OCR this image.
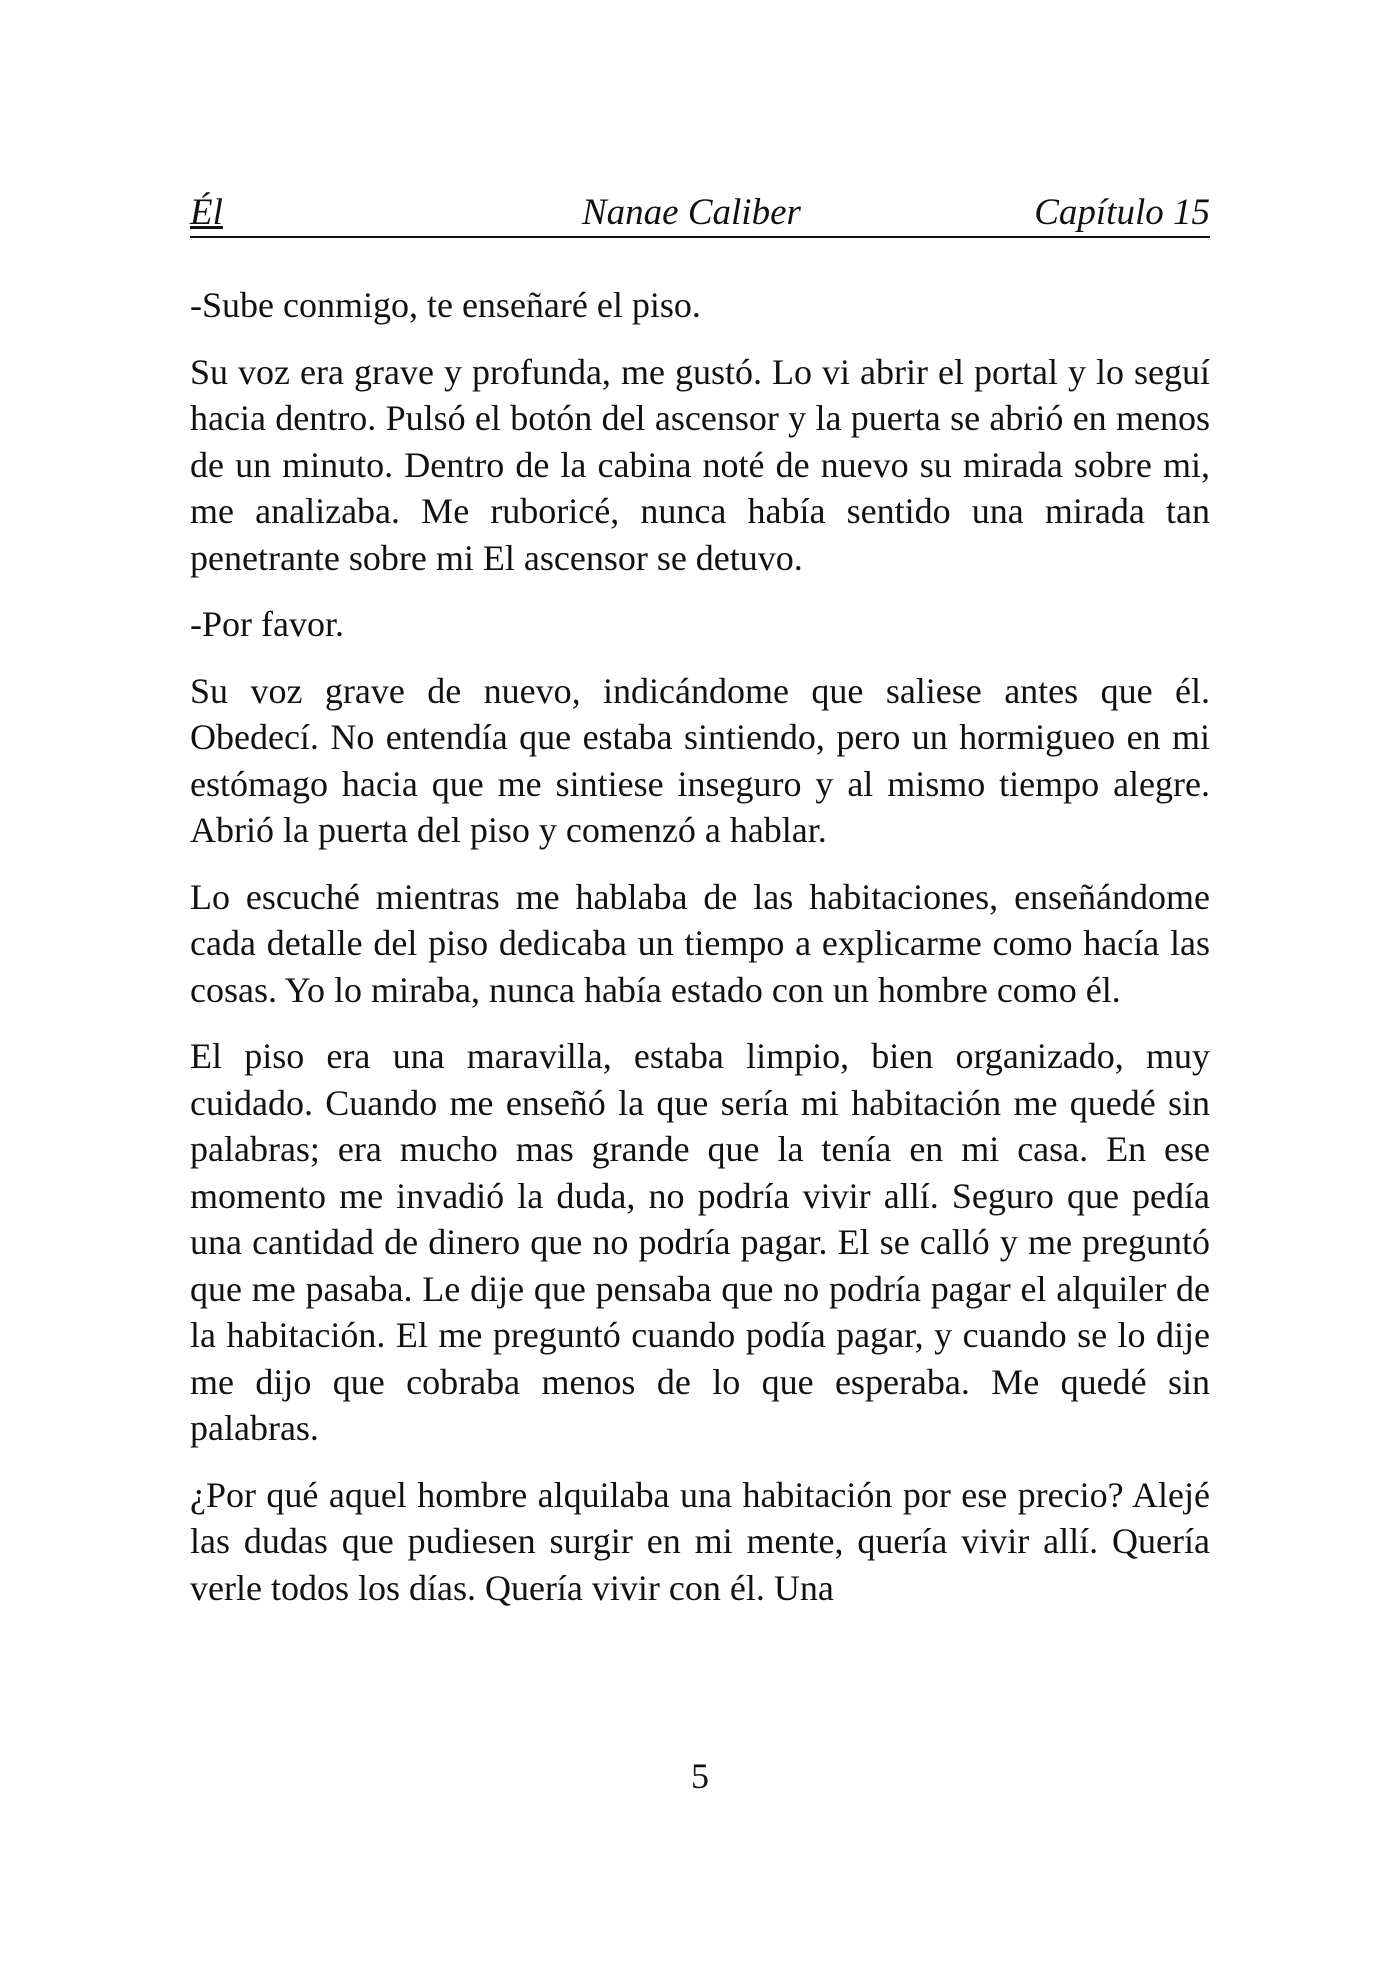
Él	Nanae Caliber	Capítulo 15

-Sube conmigo, te enseñaré el piso.

Su voz era grave y profunda, me gustó. Lo vi abrir el portal y lo seguí hacia dentro. Pulsó el botón del ascensor y la puerta se abrió en menos de un minuto. Dentro de la cabina noté de nuevo su mirada sobre mi, me analizaba. Me ruboricé, nunca había sentido una mirada tan penetrante sobre mi El ascensor se detuvo.

-Por favor.

Su voz grave de nuevo, indicándome que saliese antes que él. Obedecí. No entendía que estaba sintiendo, pero un hormigueo en mi estómago hacia que me sintiese inseguro y al mismo tiempo alegre. Abrió la puerta del piso y comenzó a hablar.

Lo escuché mientras me hablaba de las habitaciones, enseñándome cada detalle del piso dedicaba un tiempo a explicarme como hacía las cosas. Yo lo miraba, nunca había estado con un hombre como él.

El piso era una maravilla, estaba limpio, bien organizado, muy cuidado. Cuando me enseñó la que sería mi habitación me quedé sin palabras; era mucho mas grande que la tenía en mi casa. En ese momento me invadió la duda, no podría vivir allí. Seguro que pedía una cantidad de dinero que no podría pagar. El se calló y me preguntó que me pasaba. Le dije que pensaba que no podría pagar el alquiler de la habitación. El me preguntó cuando podía pagar, y cuando se lo dije me dijo que cobraba menos de lo que esperaba. Me quedé sin palabras.

¿Por qué aquel hombre alquilaba una habitación por ese precio? Alejé las dudas que pudiesen surgir en mi mente, quería vivir allí. Quería verle todos los días. Quería vivir con él. Una

5
